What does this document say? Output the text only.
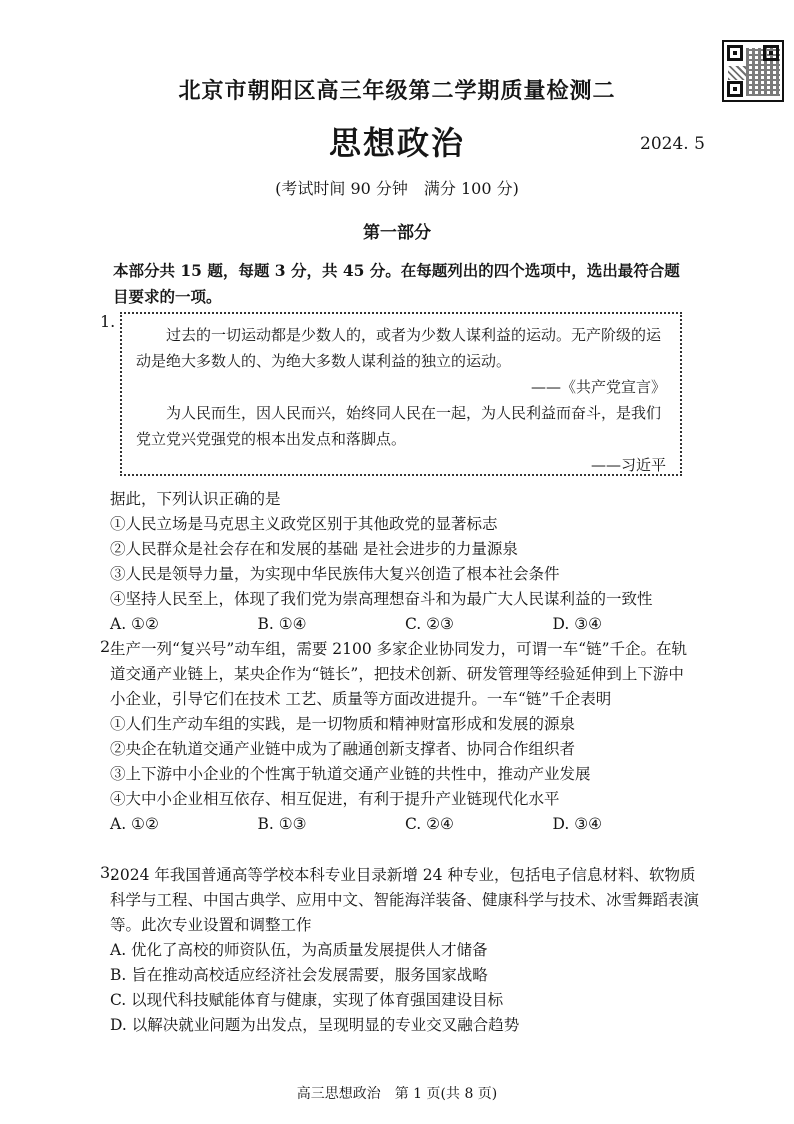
北京市朝阳区高三年级第二学期质量检测二
思想政治	2024. 5
(考试时间 90 分钟　满分 100 分)
第一部分
本部分共 15 题，每题 3 分，共 45 分。在每题列出的四个选项中，选出最符合题目要求的一项。
1.

过去的一切运动都是少数人的，或者为少数人谋利益的运动。无产阶级的运动是绝大多数人的、为绝大多数人谋利益的独立的运动。

——《共产党宣言》

为人民而生，因人民而兴，始终同人民在一起，为人民利益而奋斗，是我们党立党兴党强党的根本出发点和落脚点。

——习近平

据此，下列认识正确的是
①人民立场是马克思主义政党区别于其他政党的显著标志
②人民群众是社会存在和发展的基础 是社会进步的力量源泉
③人民是领导力量，为实现中华民族伟大复兴创造了根本社会条件
④坚持人民至上，体现了我们党为崇高理想奋斗和为最广大人民谋利益的一致性
A. ①②	B. ①④	C. ②③	D. ③④
2.
生产一列“复兴号”动车组，需要 2100 多家企业协同发力，可谓一车“链”千企。在轨
道交通产业链上，某央企作为“链长”，把技术创新、研发管理等经验延伸到上下游中
小企业，引导它们在技术 工艺、质量等方面改进提升。一车“链”千企表明
①人们生产动车组的实践，是一切物质和精神财富形成和发展的源泉
②央企在轨道交通产业链中成为了融通创新支撑者、协同合作组织者
③上下游中小企业的个性寓于轨道交通产业链的共性中，推动产业发展
④大中小企业相互依存、相互促进，有利于提升产业链现代化水平
A. ①②	B. ①③	C. ②④	D. ③④
3.
2024 年我国普通高等学校本科专业目录新增 24 种专业，包括电子信息材料、软物质
科学与工程、中国古典学、应用中文、智能海洋装备、健康科学与技术、冰雪舞蹈表演
等。此次专业设置和调整工作
A. 优化了高校的师资队伍，为高质量发展提供人才储备
B. 旨在推动高校适应经济社会发展需要，服务国家战略
C. 以现代科技赋能体育与健康，实现了体育强国建设目标
D. 以解决就业问题为出发点，呈现明显的专业交叉融合趋势
高三思想政治　第 1 页(共 8 页)
